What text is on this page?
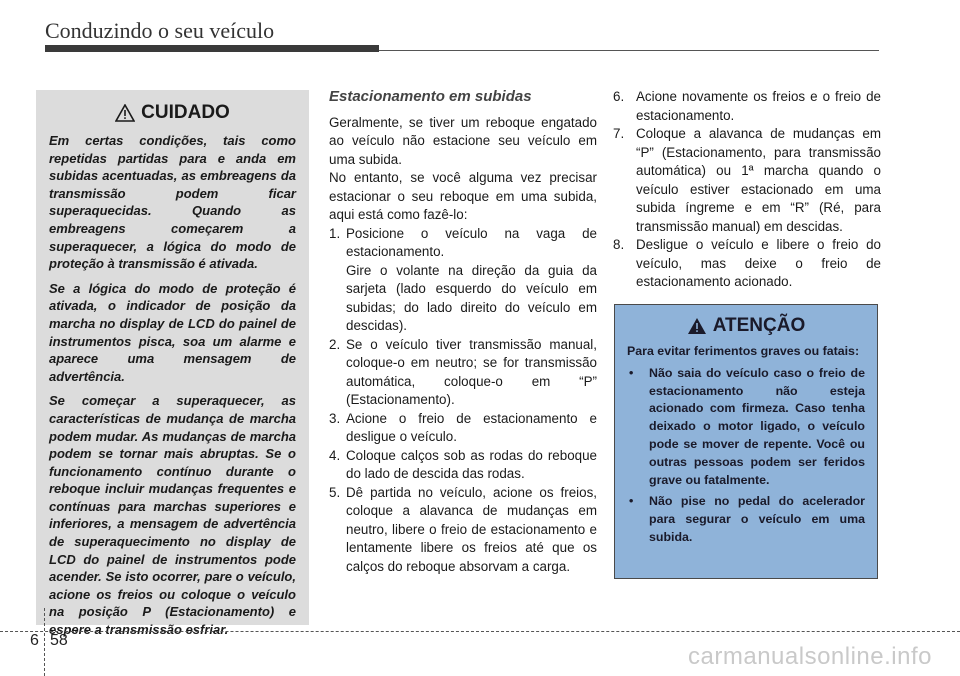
Conduzindo o seu veículo
CUIDADO

Em certas condições, tais como repetidas partidas para e anda em subidas acentuadas, as embreagens da transmissão podem ficar superaquecidas. Quando as embreagens começarem a superaquecer, a lógica do modo de proteção à transmissão é ativada.

Se a lógica do modo de proteção é ativada, o indicador de posição da marcha no display de LCD do painel de instrumentos pisca, soa um alarme e aparece uma mensagem de advertência.

Se começar a superaquecer, as características de mudança de marcha podem mudar. As mudanças de marcha podem se tornar mais abruptas. Se o funcionamento contínuo durante o reboque incluir mudanças frequentes e contínuas para marchas superiores e inferiores, a mensagem de advertência de superaquecimento no display de LCD do painel de instrumentos pode acender. Se isto ocorrer, pare o veículo, acione os freios ou coloque o veículo na posição P (Estacionamento) e espere a transmissão esfriar.

Estacionamento em subidas

Geralmente, se tiver um reboque engatado ao veículo não estacione seu veículo em uma subida.

No entanto, se você alguma vez precisar estacionar o seu reboque em uma subida, aqui está como fazê-lo:

1. Posicione o veículo na vaga de estacionamento.
Gire o volante na direção da guia da sarjeta (lado esquerdo do veículo em subidas; do lado direito do veículo em descidas).
2. Se o veículo tiver transmissão manual, coloque-o em neutro; se for transmissão automática, coloque-o em “P” (Estacionamento).
3. Acione o freio de estacionamento e desligue o veículo.
4. Coloque calços sob as rodas do reboque do lado de descida das rodas.
5. Dê partida no veículo, acione os freios, coloque a alavanca de mudanças em neutro, libere o freio de estacionamento e lentamente libere os freios até que os calços do reboque absorvam a carga.
6. Acione novamente os freios e o freio de estacionamento.
7. Coloque a alavanca de mudanças em “P” (Estacionamento, para transmissão automática) ou 1ª marcha quando o veículo estiver estacionado em uma subida íngreme e em “R” (Ré, para transmissão manual) em descidas.
8. Desligue o veículo e libere o freio do veículo, mas deixe o freio de estacionamento acionado.
ATENÇÃO

Para evitar ferimentos graves ou fatais:

• Não saia do veículo caso o freio de estacionamento não esteja acionado com firmeza. Caso tenha deixado o motor ligado, o veículo pode se mover de repente. Você ou outras pessoas podem ser feridos grave ou fatalmente.
• Não pise no pedal do acelerador para segurar o veículo em uma subida.
6 58
carmanualsonline.info
